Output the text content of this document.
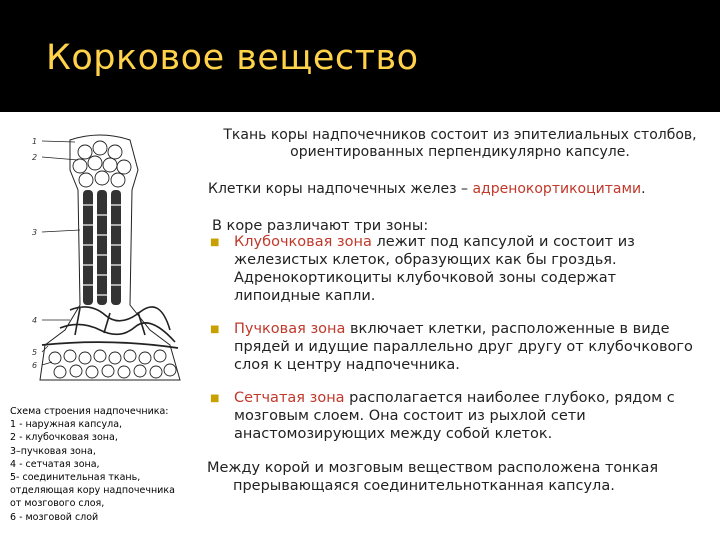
Корковое вещество
1
2
3
4
5
6
Схема строения надпочечника:
1 - наружная капсула,
2 - клубочковая зона,
3–пучковая зона,
4 - сетчатая зона,
5- соединительная ткань,
отделяющая кору надпочечника
от мозгового слоя,
6 - мозговой слой
Ткань коры надпочечников состоит из эпителиальных столбов, ориентированных перпендикулярно капсуле.
Клетки коры надпочечных желез – адренокортикоцитами.
В коре различают три зоны:
■ Клубочковая зона лежит под капсулой и состоит из железистых клеток, образующих как бы гроздья. Адренокортикоциты клубочковой зоны содержат липоидные капли.
■ Пучковая зона включает клетки, расположенные в виде прядей и идущие параллельно друг другу от клубочкового слоя к центру надпочечника.
■ Сетчатая зона располагается наиболее глубоко, рядом с мозговым слоем. Она состоит из рыхлой сети анастомозирующих между собой клеток.
Между корой и мозговым веществом расположена тонкая
прерывающаяся соединительнотканная капсула.
